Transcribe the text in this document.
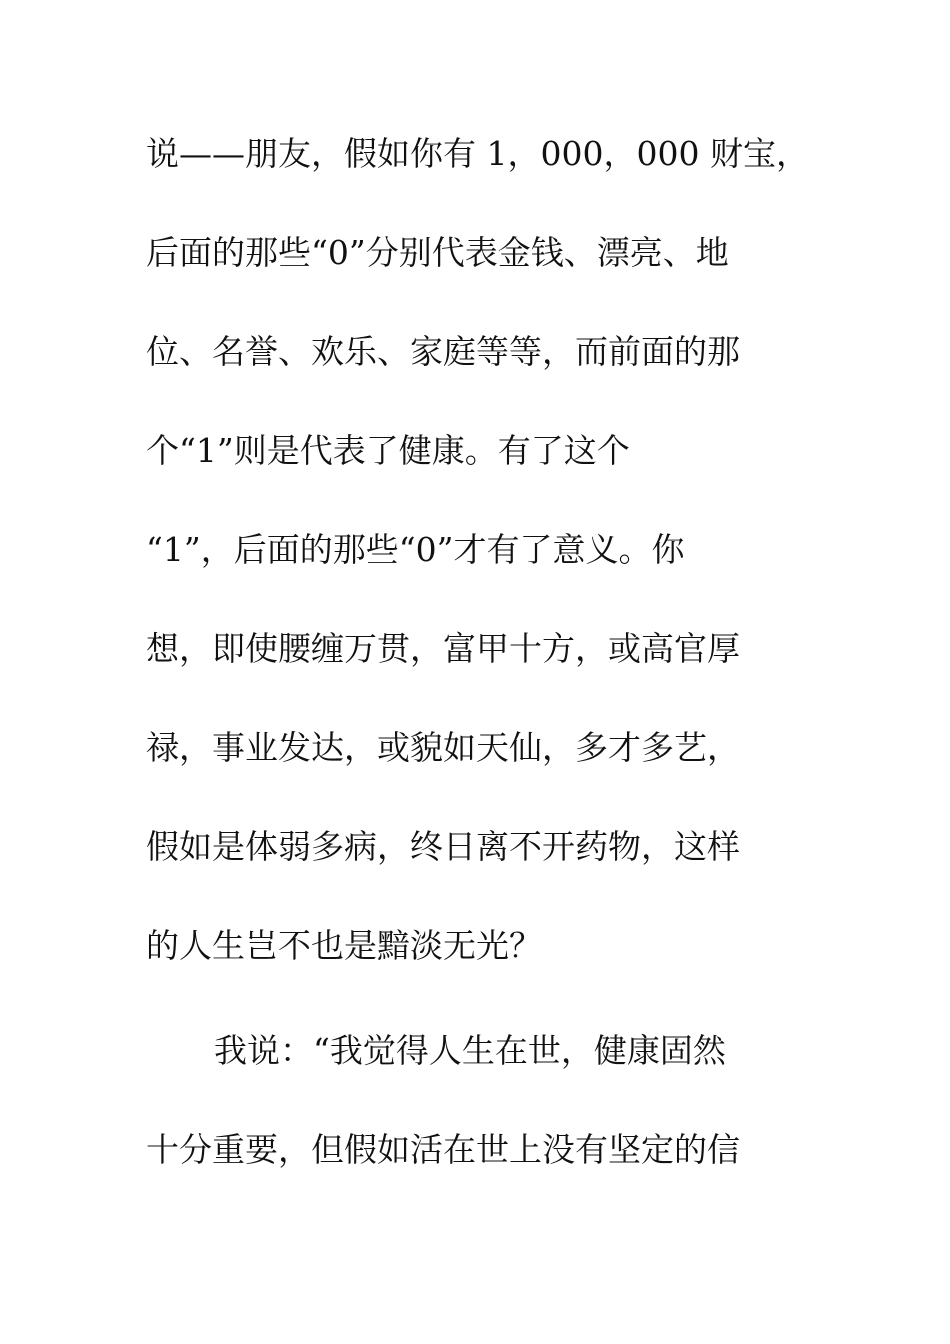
说——朋友，假如你有 1，000，000 财宝，
后面的那些“0”分别代表金钱、漂亮、地
位、名誉、欢乐、家庭等等，而前面的那
个“1”则是代表了健康。有了这个
“1”，后面的那些“0”才有了意义。你
想，即使腰缠万贯，富甲十方，或高官厚
禄，事业发达，或貌如天仙，多才多艺，
假如是体弱多病，终日离不开药物，这样
的人生岂不也是黯淡无光？
我说：“我觉得人生在世，健康固然
十分重要，但假如活在世上没有坚定的信
